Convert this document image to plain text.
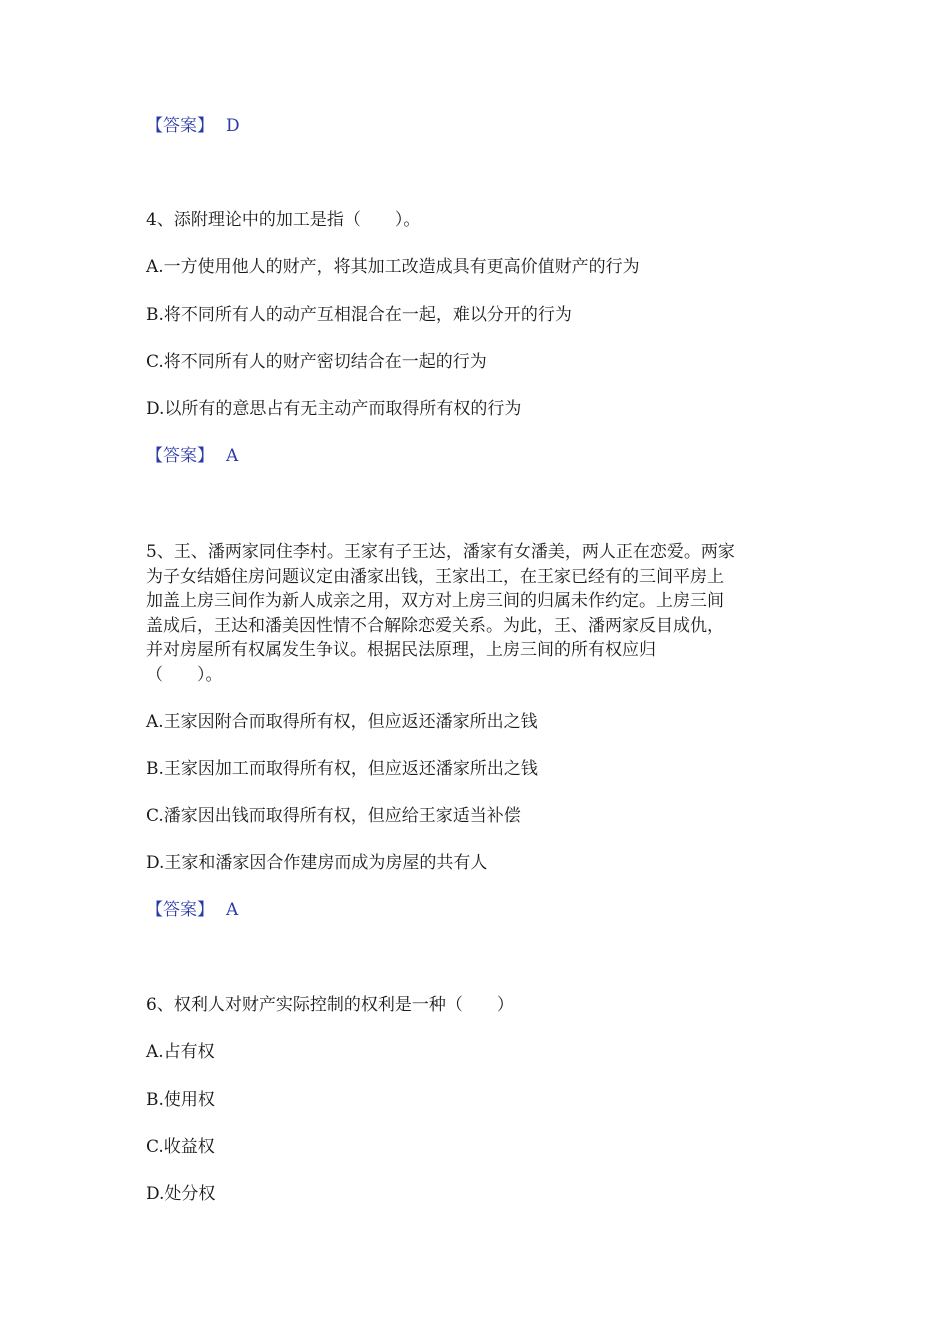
【答案】 D
4、添附理论中的加工是指（　　）。
A.一方使用他人的财产，将其加工改造成具有更高价值财产的行为
B.将不同所有人的动产互相混合在一起，难以分开的行为
C.将不同所有人的财产密切结合在一起的行为
D.以所有的意思占有无主动产而取得所有权的行为
【答案】 A
5、王、潘两家同住李村。王家有子王达，潘家有女潘美，两人正在恋爱。两家
为子女结婚住房问题议定由潘家出钱，王家出工，在王家已经有的三间平房上
加盖上房三间作为新人成亲之用，双方对上房三间的归属未作约定。上房三间
盖成后，王达和潘美因性情不合解除恋爱关系。为此，王、潘两家反目成仇，
并对房屋所有权属发生争议。根据民法原理，上房三间的所有权应归
（　　）。
A.王家因附合而取得所有权，但应返还潘家所出之钱
B.王家因加工而取得所有权，但应返还潘家所出之钱
C.潘家因出钱而取得所有权，但应给王家适当补偿
D.王家和潘家因合作建房而成为房屋的共有人
【答案】 A
6、权利人对财产实际控制的权利是一种（　　）
A.占有权
B.使用权
C.收益权
D.处分权
